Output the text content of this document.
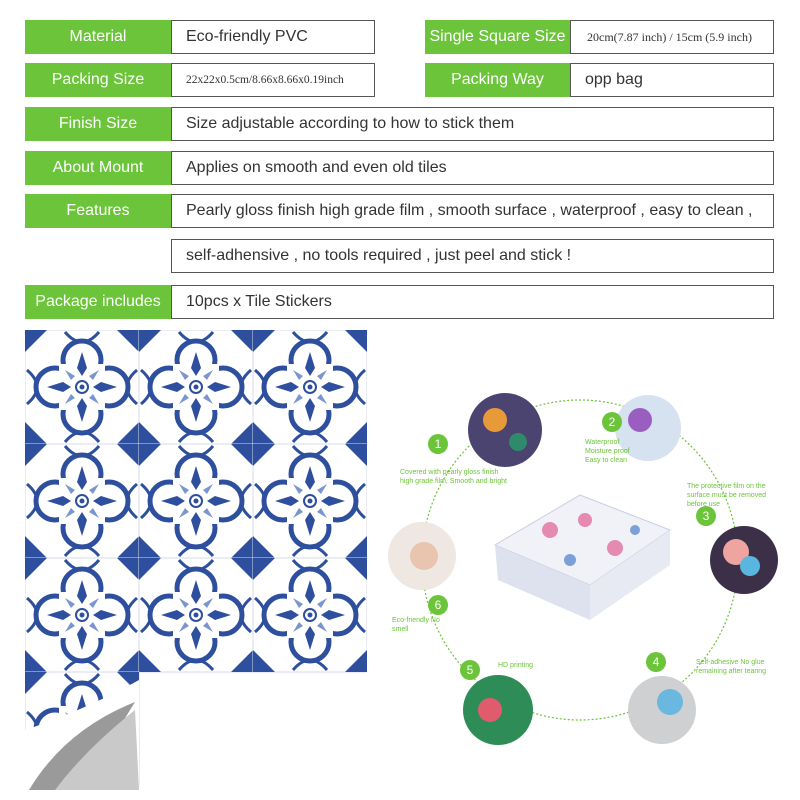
Material	Eco-friendly PVC	Single Square Size	20cm(7.87 inch) / 15cm (5.9 inch)
Packing Size	22x22x0.5cm/8.66x8.66x0.19inch	Packing Way	opp bag
Finish Size	Size adjustable according to how to stick them
About Mount	Applies on smooth and even old tiles
Features	Pearly gloss finish high grade film , smooth surface , waterproof , easy to clean ,
self-adhensive , no tools required , just peel and stick !
Package includes	10pcs x Tile Stickers
1
Covered with pearly gloss finish high grade film, Smooth and bright
2
Waterproof Moisture proof Easy to clean
3
The protective film on the surface must be removed before use
4	Self-adhesive No glue remaining after tearing
5	HD printing
6
Eco-friendly No smell
